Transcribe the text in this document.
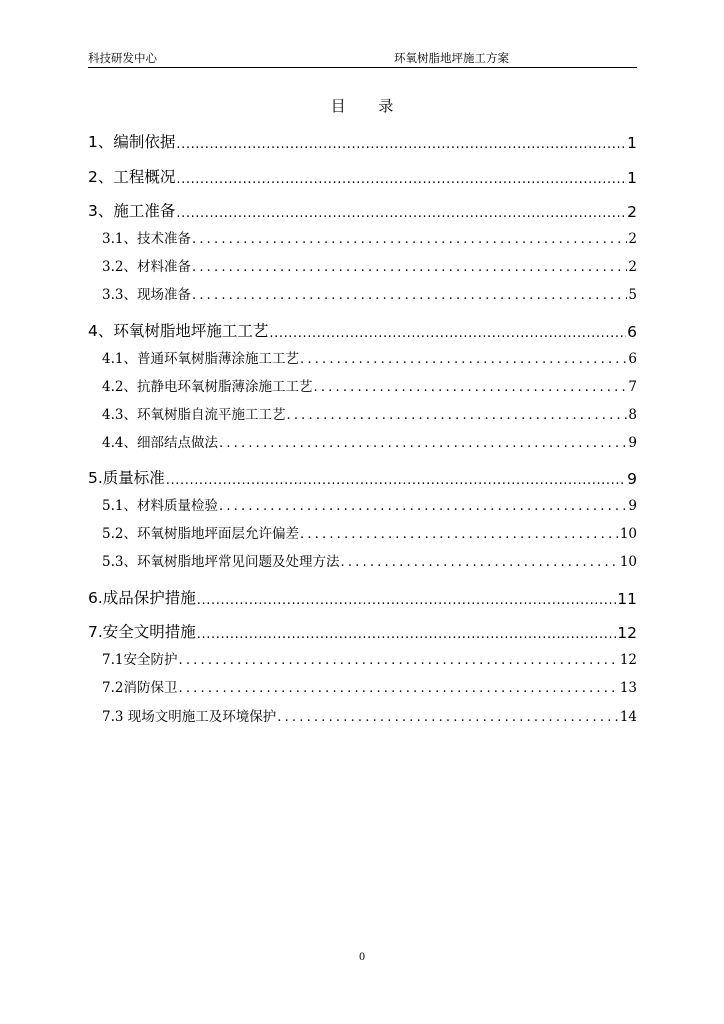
科技研发中心	环氧树脂地坪施工方案
目 录
1、编制依据 .....	1
2、工程概况 .....	1
3、施工准备 .....	2
3.1、技术准备 .....	2
3.2、材料准备 .....	2
3.3、现场准备 .....	5
4、环氧树脂地坪施工工艺 .....	6
4.1、普通环氧树脂薄涂施工工艺 .....	6
4.2、抗静电环氧树脂薄涂施工工艺 .....	7
4.3、环氧树脂自流平施工工艺 .....	8
4.4、细部结点做法 .....	9
5.质量标准 .....	9
5.1、材料质量检验 .....	9
5.2、环氧树脂地坪面层允许偏差 .....	10
5.3、环氧树脂地坪常见问题及处理方法 .....	10
6.成品保护措施 .....	11
7.安全文明措施 .....	12
7.1安全防护 .....	12
7.2消防保卫 .....	13
7.3 现场文明施工及环境保护 .....	14
0
